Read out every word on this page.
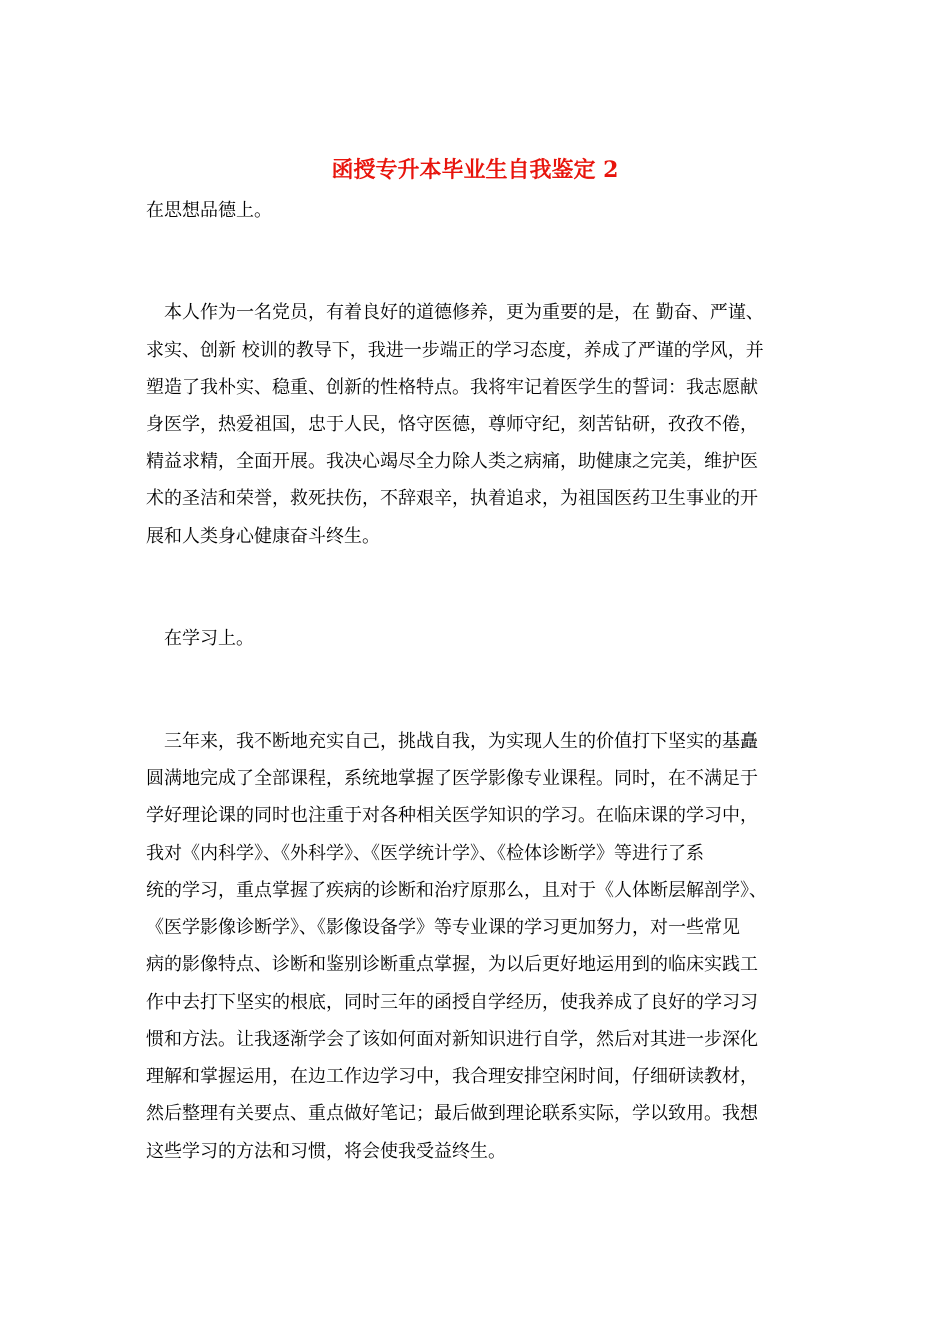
函授专升本毕业生自我鉴定 2
在思想品德上。
　本人作为一名党员，有着良好的道德修养，更为重要的是，在 勤奋、严谨、
求实、创新 校训的教导下，我进一步端正的学习态度，养成了严谨的学风，并
塑造了我朴实、稳重、创新的性格特点。我将牢记着医学生的誓词：我志愿献
身医学，热爱祖国，忠于人民，恪守医德，尊师守纪，刻苦钻研，孜孜不倦，
精益求精，全面开展。我决心竭尽全力除人类之病痛，助健康之完美，维护医
术的圣洁和荣誉，救死扶伤，不辞艰辛，执着追求，为祖国医药卫生事业的开
展和人类身心健康奋斗终生。
　在学习上。
　三年来，我不断地充实自己，挑战自我，为实现人生的价值打下坚实的基矗
圆满地完成了全部课程，系统地掌握了医学影像专业课程。同时，在不满足于
学好理论课的同时也注重于对各种相关医学知识的学习。在临床课的学习中，
我对《内科学》、《外科学》、《医学统计学》、《检体诊断学》等进行了系
统的学习，重点掌握了疾病的诊断和治疗原那么，且对于《人体断层解剖学》、
《医学影像诊断学》、《影像设备学》等专业课的学习更加努力，对一些常见
病的影像特点、诊断和鉴别诊断重点掌握，为以后更好地运用到的临床实践工
作中去打下坚实的根底，同时三年的函授自学经历，使我养成了良好的学习习
惯和方法。让我逐渐学会了该如何面对新知识进行自学，然后对其进一步深化
理解和掌握运用，在边工作边学习中，我合理安排空闲时间，仔细研读教材，
然后整理有关要点、重点做好笔记；最后做到理论联系实际，学以致用。我想
这些学习的方法和习惯，将会使我受益终生。
